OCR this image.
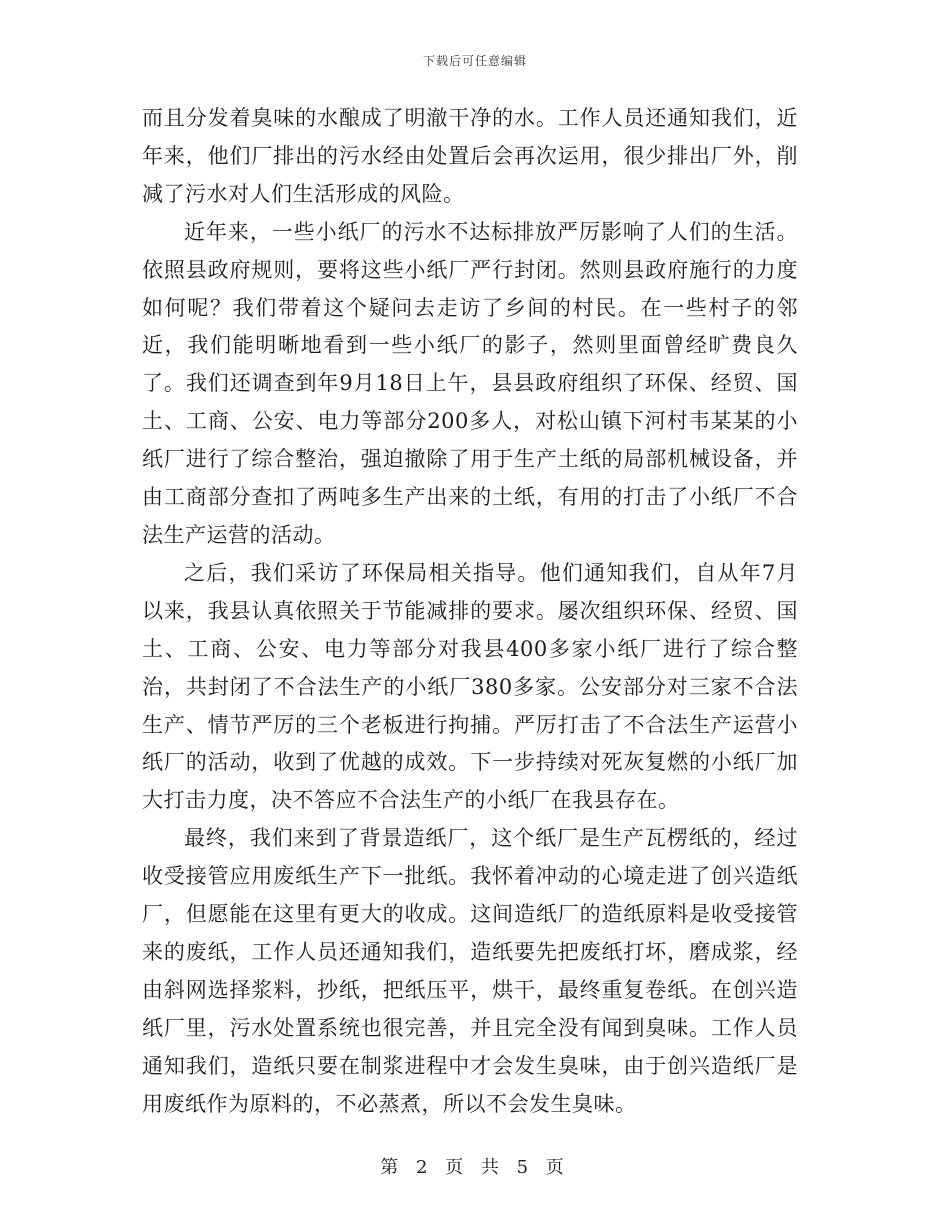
下载后可任意编辑

而且分发着臭味的水酿成了明澈干净的水。工作人员还通知我们，近年来，他们厂排出的污水经由处置后会再次运用，很少排出厂外，削减了污水对人们生活形成的风险。

近年来，一些小纸厂的污水不达标排放严厉影响了人们的生活。依照县政府规则，要将这些小纸厂严行封闭。然则县政府施行的力度如何呢？我们带着这个疑问去走访了乡间的村民。在一些村子的邻近，我们能明晰地看到一些小纸厂的影子，然则里面曾经旷费良久了。我们还调查到年9月18日上午，县县政府组织了环保、经贸、国土、工商、公安、电力等部分200多人，对松山镇下河村韦某某的小纸厂进行了综合整治，强迫撤除了用于生产土纸的局部机械设备，并由工商部分查扣了两吨多生产出来的土纸，有用的打击了小纸厂不合法生产运营的活动。

之后，我们采访了环保局相关指导。他们通知我们，自从年7月以来，我县认真依照关于节能减排的要求。屡次组织环保、经贸、国土、工商、公安、电力等部分对我县400多家小纸厂进行了综合整治，共封闭了不合法生产的小纸厂380多家。公安部分对三家不合法生产、情节严厉的三个老板进行拘捕。严厉打击了不合法生产运营小纸厂的活动，收到了优越的成效。下一步持续对死灰复燃的小纸厂加大打击力度，决不答应不合法生产的小纸厂在我县存在。

最终，我们来到了背景造纸厂，这个纸厂是生产瓦楞纸的，经过收受接管应用废纸生产下一批纸。我怀着冲动的心境走进了创兴造纸厂，但愿能在这里有更大的收成。这间造纸厂的造纸原料是收受接管来的废纸，工作人员还通知我们，造纸要先把废纸打坏，磨成浆，经由斜网选择浆料，抄纸，把纸压平，烘干，最终重复卷纸。在创兴造纸厂里，污水处置系统也很完善，并且完全没有闻到臭味。工作人员通知我们，造纸只要在制浆进程中才会发生臭味，由于创兴造纸厂是用废纸作为原料的，不必蒸煮，所以不会发生臭味。

第 2 页 共 5 页
